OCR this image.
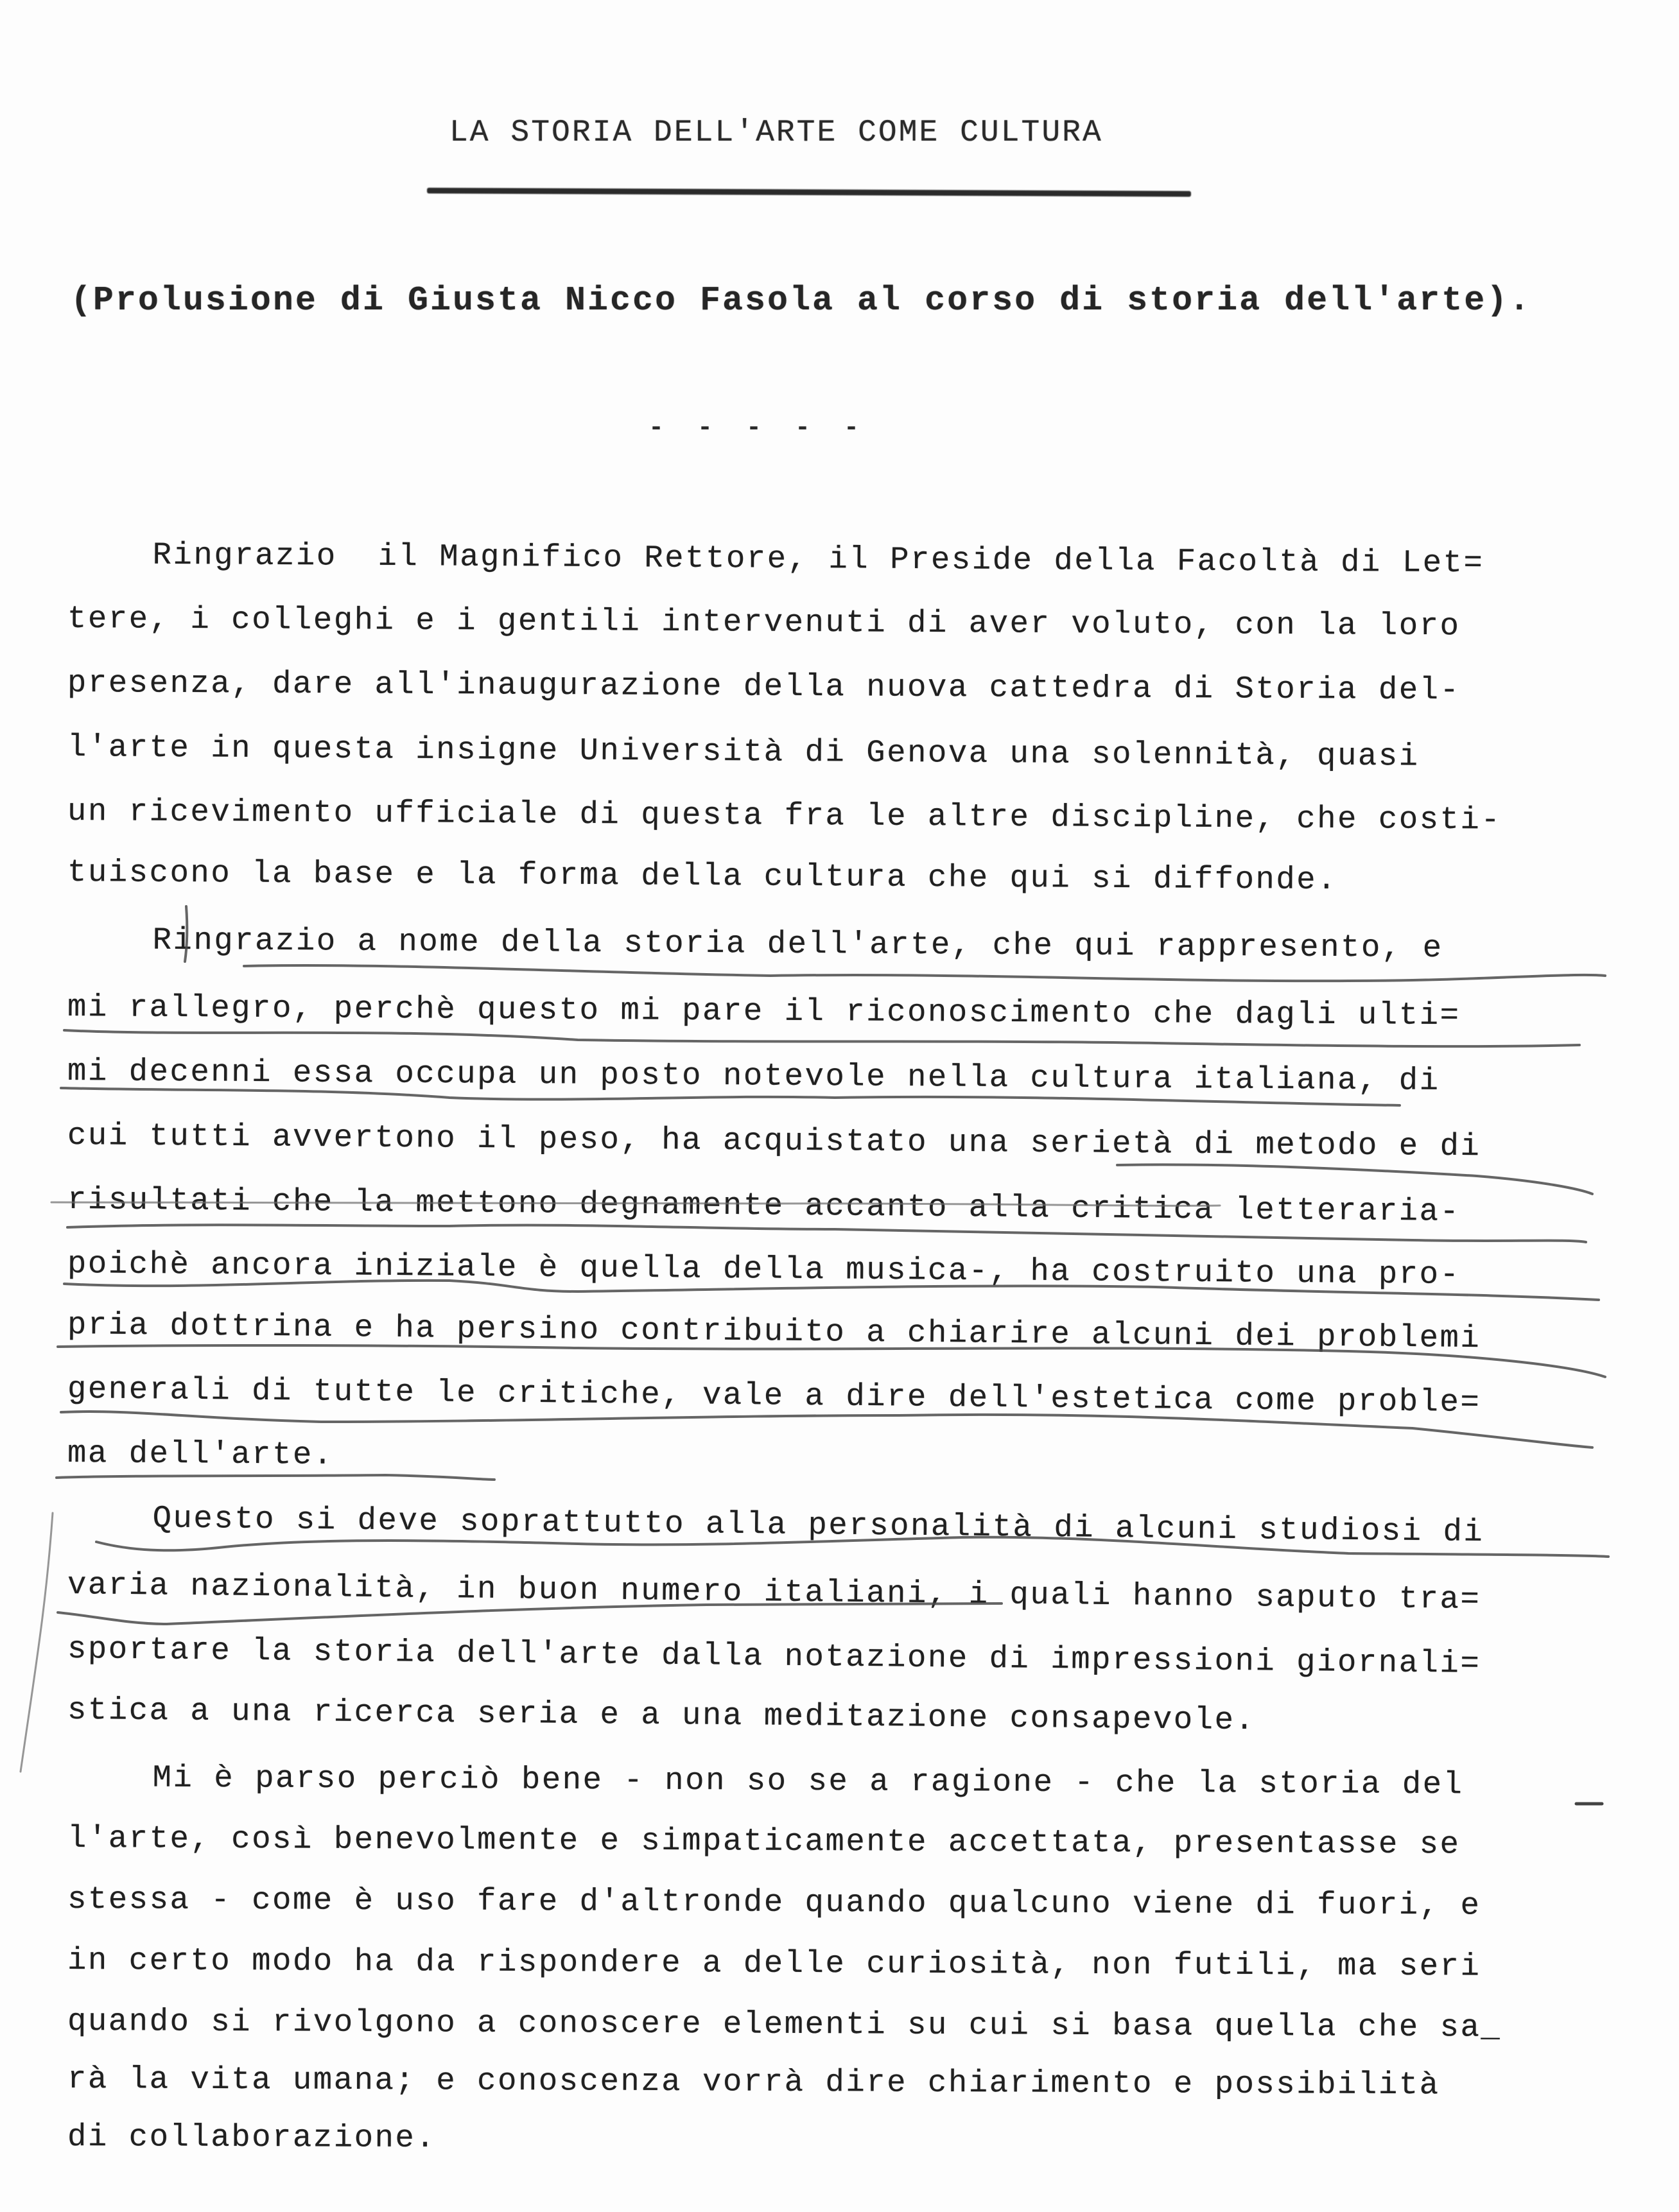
LA STORIA DELL'ARTE COME CULTURA
(Prolusione di Giusta Nicco Fasola al corso di storia dell'arte).
- - - - -
Ringrazio  il Magnifico Rettore, il Preside della Facoltà di Let=
tere, i colleghi e i gentili intervenuti di aver voluto, con la loro
presenza, dare all'inaugurazione della nuova cattedra di Storia del-
l'arte in questa insigne Università di Genova una solennità, quasi
un ricevimento ufficiale di questa fra le altre discipline, che costi-
tuiscono la base e la forma della cultura che qui si diffonde.
Ringrazio a nome della storia dell'arte, che qui rappresento, e
mi rallegro, perchè questo mi pare il riconoscimento che dagli ulti=
mi decenni essa occupa un posto notevole nella cultura italiana, di
cui tutti avvertono il peso, ha acquistato una serietà di metodo e di
risultati che la mettono degnamente accanto alla critica letteraria-
poichè ancora iniziale è quella della musica-, ha costruito una pro-
pria dottrina e ha persino contribuito a chiarire alcuni dei problemi
generali di tutte le critiche, vale a dire dell'estetica come proble=
ma dell'arte.
Questo si deve soprattutto alla personalità di alcuni studiosi di
varia nazionalità, in buon numero italiani, i quali hanno saputo tra=
sportare la storia dell'arte dalla notazione di impressioni giornali=
stica a una ricerca seria e a una meditazione consapevole.
Mi è parso perciò bene - non so se a ragione - che la storia del
l'arte, così benevolmente e simpaticamente accettata, presentasse se
stessa - come è uso fare d'altronde quando qualcuno viene di fuori, e
in certo modo ha da rispondere a delle curiosità, non futili, ma seri
quando si rivolgono a conoscere elementi su cui si basa quella che sa_
rà la vita umana; e conoscenza vorrà dire chiarimento e possibilità
di collaborazione.
